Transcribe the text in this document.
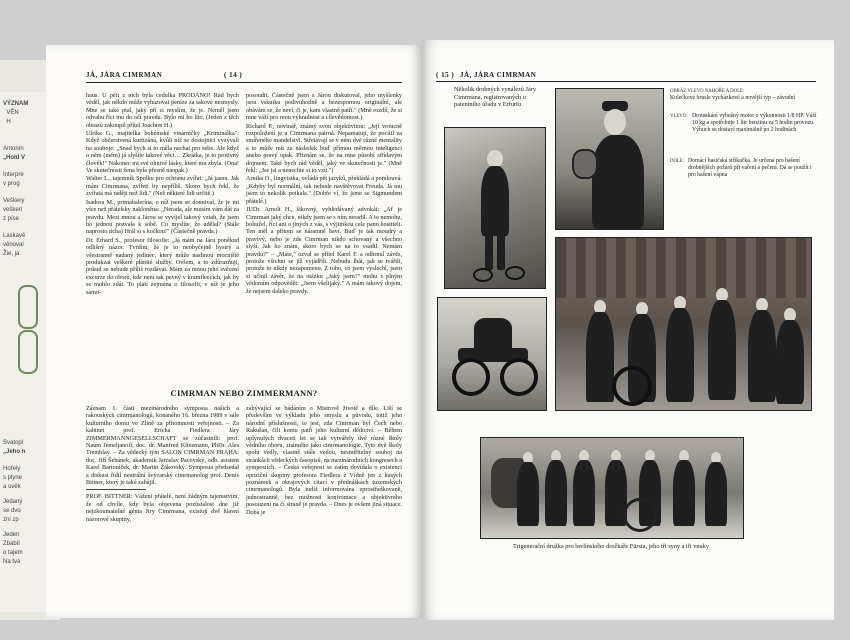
VÝZNAM
VĚN
H
Antonín
„Hold V
Interpre
v prog
Veškery
veškerí
z píse
Laskavě
věnoval
Žie, ja
Svatopl
„Jeho n
Hořely
s plyne
a ověk
Jedaný
se dvo
zni zp
Jeden
Zbabíl
o tajem
Na tvá
JÁ, JÁRA CIMRMAN	( 14 )

haus. U pěti z nich byla cedulka PRODÁNO! Rád bych věděl, jak někdo může vyhazovat peníze za takové nesmysly. Mne se také ptal, jaký pří si myslím, že je. Neměl jsem odvahu říci mu do očí pravdu. Bylo mi ho líto. (Jeden z těch obrazů zakoupil přítel Joachim H.)

Ulrika G., majitelka bohémské vinárničky „Kriminálka": Když občerstvená kurtizána, kvůli níž se dostojnici vyzývali na souboje: „Snad bych si to měla nechat pro sebe. Ale když o něm (mém) já slyšíte takové věci… Zkrátka, je to protivný člověk!" Nakonec mi své ohnivé lásky, které mu zbyla. (Ona! Ve skutečnosti žena byla přesně naopak.)

Walter L., tajemník Spolku pro ochranu zvířat: „Já jasnu. Jak mám Cimrmana, zvířetí by nepříliš. Skoro bych řekl, že zvířata má raději než lidi." (Než některé lidi určitě.)

Isadora M., primabalerína, o níž jsem se donnival, že je mi více než přátelsky nakloněna: „Nerada, ale musím vám dát za pravdu. Mezi mnou a Járou se vyvíjel takový vztah, že jsem ho jednou pozvala k sobě. Co myslíte, že udělal? (Stále naprosto ticha) Hrál si s kočkou!" (Částečně pravda.)

Dr. Erhard S., profesor filosofie: „Já mám na Járu poněkud odlišný názor. Tvrdím, že je to neobyčejně bystrý a všestranně nadaný jedinec, který může naslinou mocniště produkzat veškeré plánité služby. Ovšem, a to zdůrazňuji, pokud se nebude příliš rozdávat. Mám za mnou jeho svěcení excurze do oborů, kde není tak pevný v kramfleecích, jak by se mohlo zdát. To platí zejména o filosofii, v níž je jeho samo-

posoudit. Částečně jsem s Járou diskutoval, jeho myšlenky jsou vskutku podivuhodně a bezespornou originální, ale obávám se, že neví, či je, kam vlastně patří." (Mně rozdíl, že si mne váží pro mou výhradnost a cílevědomost.)

Richard P., novinář, známý svou objektivitou: „Její vroucně rozpoložení je u Cimrmana patrná. Nepamatuji, že pocítil za smířeného mandelstvi. Střetávají se v ném dvě různé mentality a to může mít za následek buď přímou měrnou inteligenci anebo pravý opak. Přiznám se, že na mne působí střídavým dojmem. Také bych rád věděl, jaký ve skutečnosti je." (Mně řekl: „Jse jsi a nenechte si to vzít.")

Arnika O., lingvistka, ovládá pět jazyků, překládá a pomlouvá: „Kdyby byl normální, tak nebude navštěvovat Freuda. Já mu jsem tó nekolik potkala." (Dobře ví, že jsme se Sigmundem přátelé.)

JUDr. Arnolt H., šikovný, vyhledávaný advokát: „Ať je Cimrman jaký chce, nikdy jsem se s ním neradil. A to nemohu, bohužel, říci ani o jiných z vás, s výjimkou cele panu hostiteli. Ten měl a přitom se náramně baví. Buď je tak moudrý a pravivý, nebo je zde Cimrman nikdo schovaný a všechno slyší. Jak ho znám, skoro bych se na to vsadil. Nemám pravdu?" – „Máte," ozval se přítel Karel F. a odhrnul závěs, protože všichni se jíž vyjádřili. Nebudu lhát, jak se tvářili, protože to nikdy nezapomenu. Z toho, co jsem vyslechl, jsem si učinil závěr, že na otázku „Jaký jsem?" mohu s plným vědomím odpovědět: „Jsem všelijaký." A mám takový dojem, že nejsem daleko pravdy.

CIMRMAN NEBO ZIMMERMANN?

Záznam 1. části mezinárodního symposia našich a rakouských cimrmanologů, konaného 16. března 1989 v sále kulturního domu ve Zlíně za přítomnosti veřejnosti. – Za kabinet prof. Ericha Fiedlera Járy ZIMMERMANNGESELLSCHAFT se zúčastnili: prof. Naum Jemeljanoff, doc. dr. Manfred Klinsmann, PhDr. Ales Tremblay. – Za vědecký tým SALON CIMRMAN PRAHA: doc. Jiří Šebánek, akademik Jaroslav Pacovský, odb. asistent Karel Bartoníček, dr. Martin Žákovský. Symposia předsedal a diskusi řídil neutrální švýcarský cimrmanolog prof. Denis Bittner, který je také zahájil.

PROF. BITTNER: Vážení přátelé, není žádným tajemstvím, že od chvíle, kdy byla objevena pozůstalost dne již nejzkoumatelné génia Jiry Cimrmana, existují dvě hlavní názorové skupiny,

zabývající se bádáním o Mistrově životě a díle. Liší se především ve výkladu jeho smyslu a původu, totiž jeho národní příslušnosti, to jest, zda Cimrman byl Čech nebo Rakušan, čili komu patří jeho kulturní dědictví. – Během uplynulých dvaceti let se tak vytvářely dvě různé školy vědního oboru, známého jako cimrmanologie. Tyto dvě školy spolu vedly, vlastně stále vedou, nesmiřitelný souboj na stránkách vědeckých časopisů, na mezinárodních kongresech a symposiích. – Česká veřejnost se zatím dovídala o existenci opoziční skupiny profesora Fiedlera z Vídně jen z kusých poznámek a okrajových citací v přednáškách tuzemských cimrmanologů. Byla tudíž informována zprostředkovaně, jednostranně, bez možnosti konfrontace a objektivního posouzení na čí straně je pravda. – Dnes je ovšem jiná situace. Doba je

( 15 ) JÁ, JÁRA CIMRMAN
Několik drobných vynálezů Járy Cimrmana, registrovaných u patentního úřadu v Erfurtu
OBRÁZ VLEVO NAHOŘE A DOLE:
Kolečkové brusle vycházkové a novější typ – závodní
VLEVO: Droustkání vybušný motor o výkonnosti 1/8 HP. Váží 10 kg a spotřebuje 1 litr benzinu za 5 hodin provozu. Výbuch se dostaví maximálně po 2 hodinách
DOLE: Domácí hasičská stříkačka. Je určena pro hašení drobnějších požárů při vaření a pečení. Dá se použít i pro hašení vápna
Trigenerační družka pro berlínského drožkáře Fürsta, jeho tři syny a tři vnuky
